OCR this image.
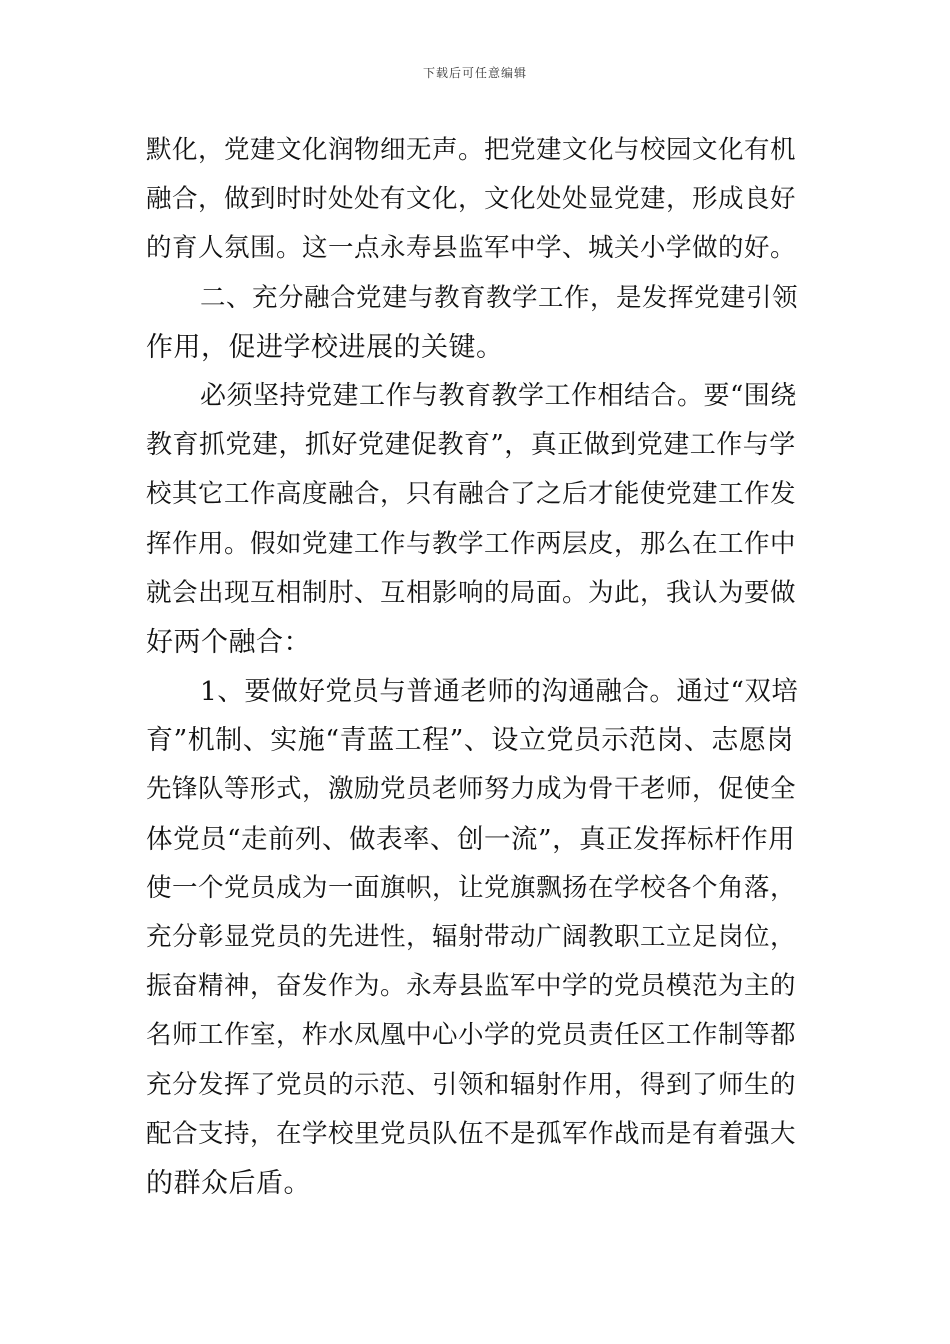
下载后可任意编辑
默化，党建文化润物细无声。把党建文化与校园文化有机
融合，做到时时处处有文化，文化处处显党建，形成良好
的育人氛围。这一点永寿县监军中学、城关小学做的好。
二、充分融合党建与教育教学工作，是发挥党建引领
作用，促进学校进展的关键。
必须坚持党建工作与教育教学工作相结合。要“围绕
教育抓党建，抓好党建促教育”，真正做到党建工作与学
校其它工作高度融合，只有融合了之后才能使党建工作发
挥作用。假如党建工作与教学工作两层皮，那么在工作中
就会出现互相制肘、互相影响的局面。为此，我认为要做
好两个融合：
1、要做好党员与普通老师的沟通融合。通过“双培
育”机制、实施“青蓝工程”、设立党员示范岗、志愿岗
先锋队等形式，激励党员老师努力成为骨干老师，促使全
体党员“走前列、做表率、创一流”，真正发挥标杆作用
使一个党员成为一面旗帜，让党旗飘扬在学校各个角落，
充分彰显党员的先进性，辐射带动广阔教职工立足岗位，
振奋精神，奋发作为。永寿县监军中学的党员模范为主的
名师工作室，柞水凤凰中心小学的党员责任区工作制等都
充分发挥了党员的示范、引领和辐射作用，得到了师生的
配合支持，在学校里党员队伍不是孤军作战而是有着强大
的群众后盾。
